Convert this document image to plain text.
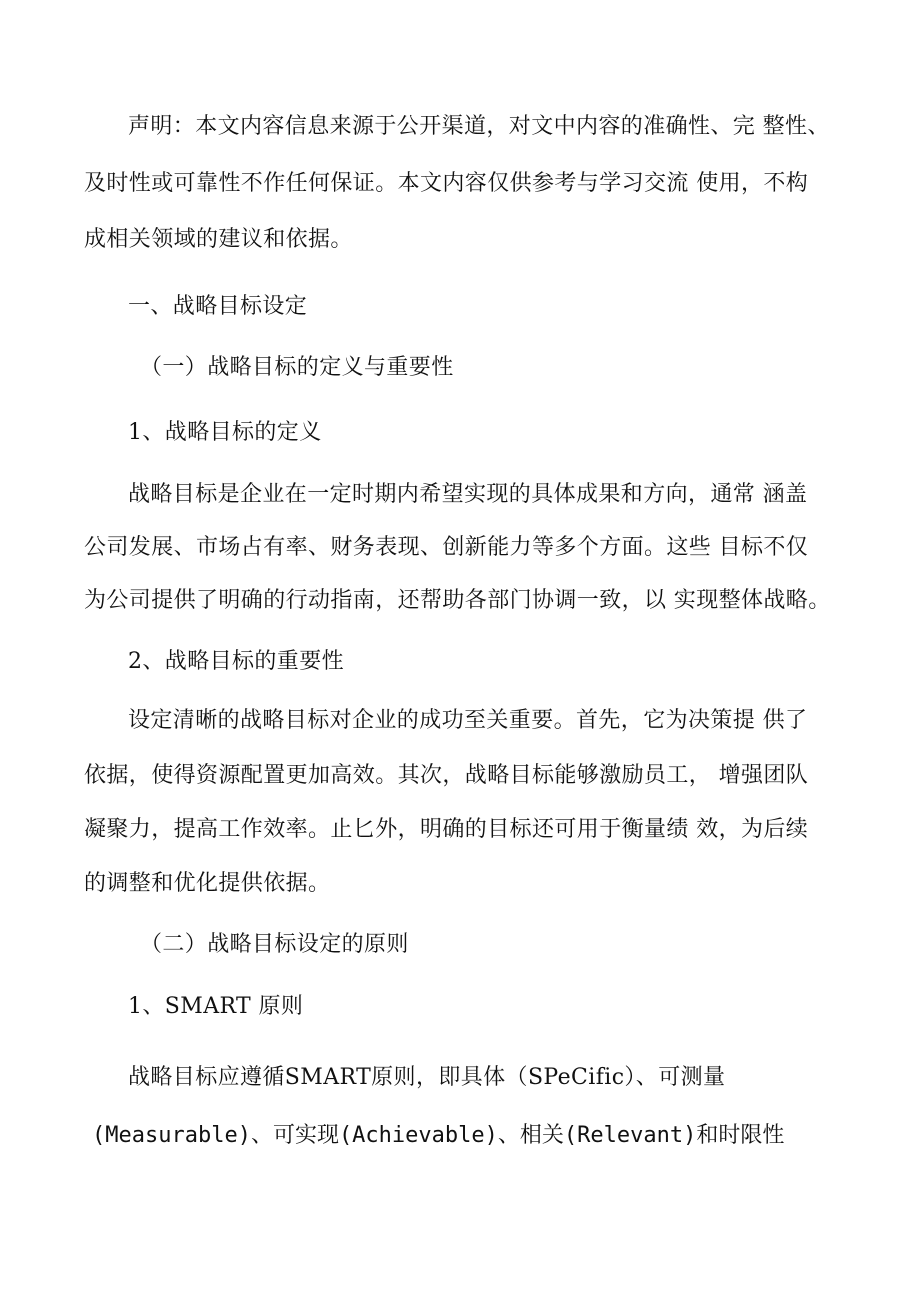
声明：本文内容信息来源于公开渠道，对文中内容的准确性、完 整性、
及时性或可靠性不作任何保证。本文内容仅供参考与学习交流 使用，不构
成相关领域的建议和依据。
一、战略目标设定
（一）战略目标的定义与重要性
1、战略目标的定义
战略目标是企业在一定时期内希望实现的具体成果和方向，通常 涵盖
公司发展、市场占有率、财务表现、创新能力等多个方面。这些 目标不仅
为公司提供了明确的行动指南，还帮助各部门协调一致，以 实现整体战略。
2、战略目标的重要性
设定清晰的战略目标对企业的成功至关重要。首先，它为决策提 供了
依据，使得资源配置更加高效。其次，战略目标能够激励员工， 增强团队
凝聚力，提高工作效率。止匕外，明确的目标还可用于衡量绩 效，为后续
的调整和优化提供依据。
（二）战略目标设定的原则
1、SMART 原则
战略目标应遵循SMART原则，即具体（SPeCific）、可测量
(Measurable)、可实现(Achievable)、相关(Relevant)和时限性
